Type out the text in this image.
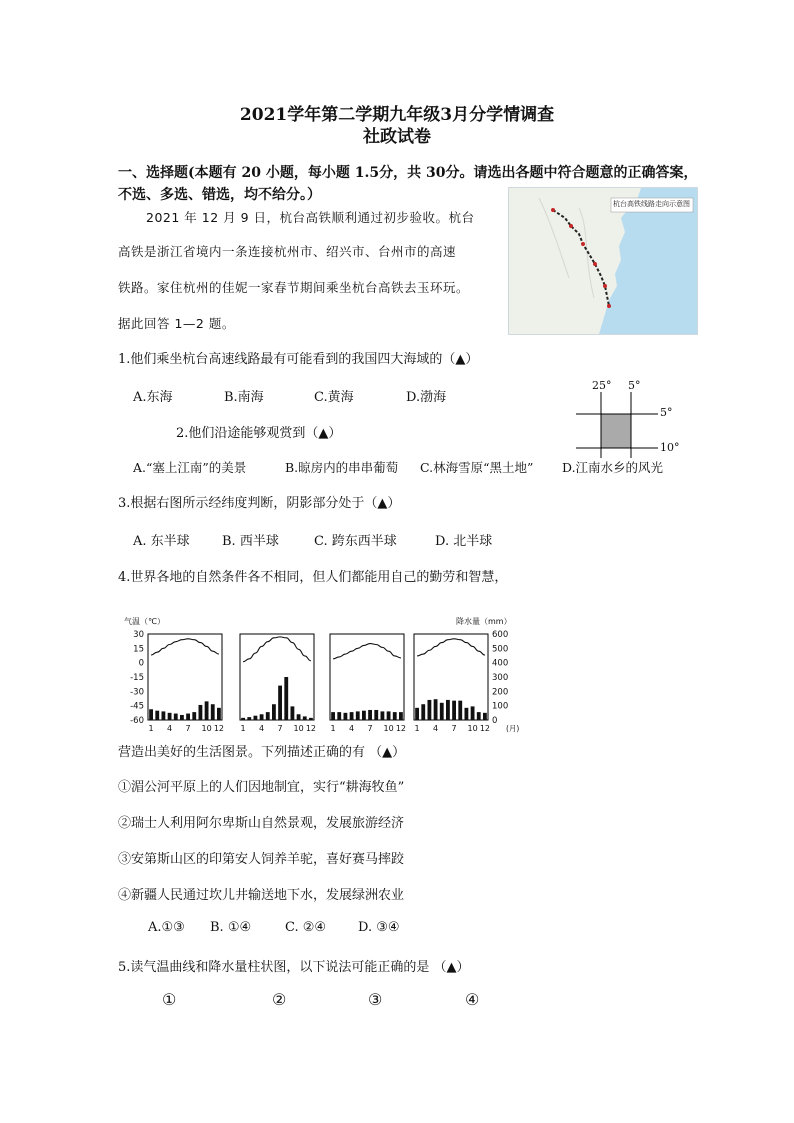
2021学年第二学期九年级3月分学情调查
社政试卷
一、选择题(本题有 20 小题，每小题 1.5分，共 30分。请选出各题中符合题意的正确答案，
不选、多选、错选，均不给分。）
2021 年 12 月 9 日，杭台高铁顺利通过初步验收。杭台
高铁是浙江省境内一条连接杭州市、绍兴市、台州市的高速
铁路。家住杭州的佳妮一家春节期间乘坐杭台高铁去玉环玩。
据此回答 1—2 题。
杭台高铁线路走向示意图
1.他们乘坐杭台高速线路最有可能看到的我国四大海域的（▲）
A.东海	B.南海	C.黄海	D.渤海
25° 5°
5°
10°
2.他们沿途能够观赏到（▲）
A.“塞上江南”的美景	B.晾房内的串串葡萄 C.林海雪原“黑土地” D.江南水乡的风光
3.根据右图所示经纬度判断，阴影部分处于（▲）
A. 东半球 B. 西半球	C. 跨东西半球	D. 北半球
4.世界各地的自然条件各不相同，但人们都能用自己的勤劳和智慧，
气温（℃）	降水量（mm）
30
15
0
-15
-30
-45
-60
600
500
400
300
200
100
0
1 4 7 10 12 1 4 7 10 12 1 4 7 10 12 1 4 7 10 12 (月)
营造出美好的生活图景。下列描述正确的有 （▲）
①湄公河平原上的人们因地制宜，实行“耕海牧鱼”
②瑞士人利用阿尔卑斯山自然景观，发展旅游经济
③安第斯山区的印第安人饲养羊驼，喜好赛马摔跤
④新疆人民通过坎儿井输送地下水，发展绿洲农业
A.①③ B. ①④	C. ②④ D. ③④
5.读气温曲线和降水量柱状图，以下说法可能正确的是 （▲）
①	②	③	④
